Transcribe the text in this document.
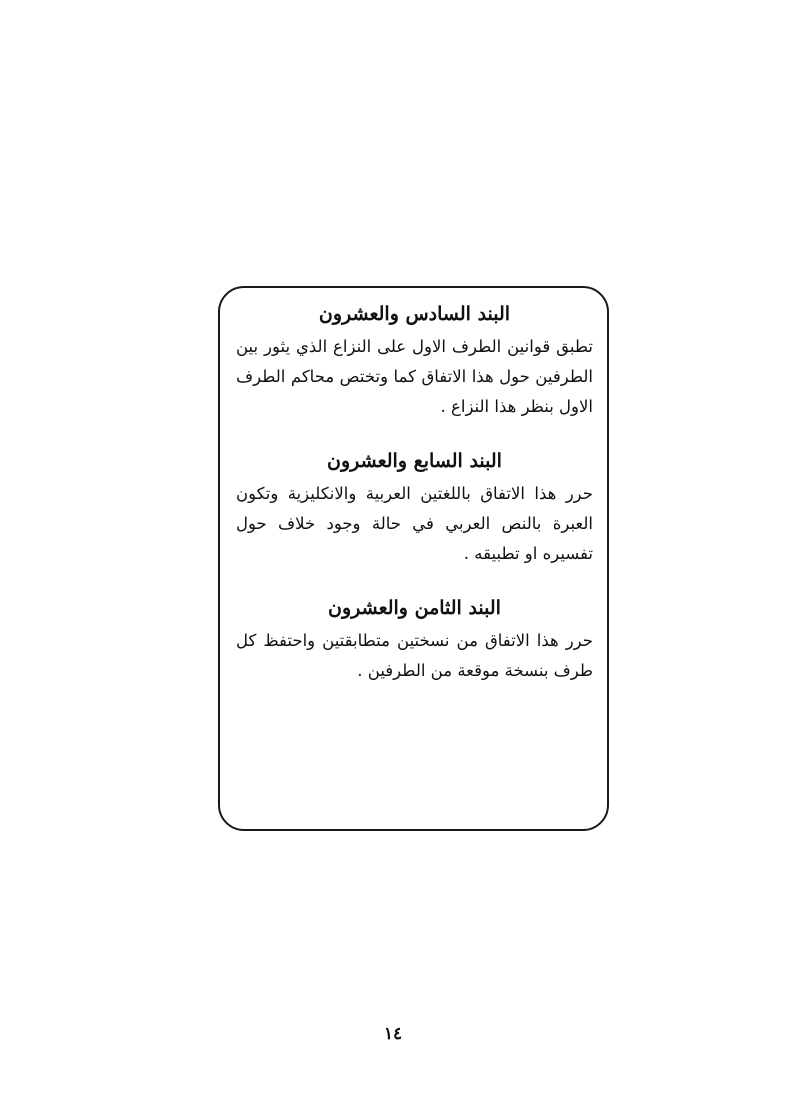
البند السادس والعشرون

تطبق قوانين الطرف الاول على النزاع الذي يثور بين الطرفين حول هذا الاتفاق كما وتختص محاكم الطرف الاول بنظر هذا النزاع .

البند السابع والعشرون

حرر هذا الاتفاق باللغتين العربية والانكليزية وتكون العبرة بالنص العربي في حالة وجود خلاف حول تفسيره او تطبيقه .

البند الثامن والعشرون

حرر هذا الاتفاق من نسختين متطابقتين واحتفظ كل طرف بنسخة موقعة من الطرفين .

١٤
